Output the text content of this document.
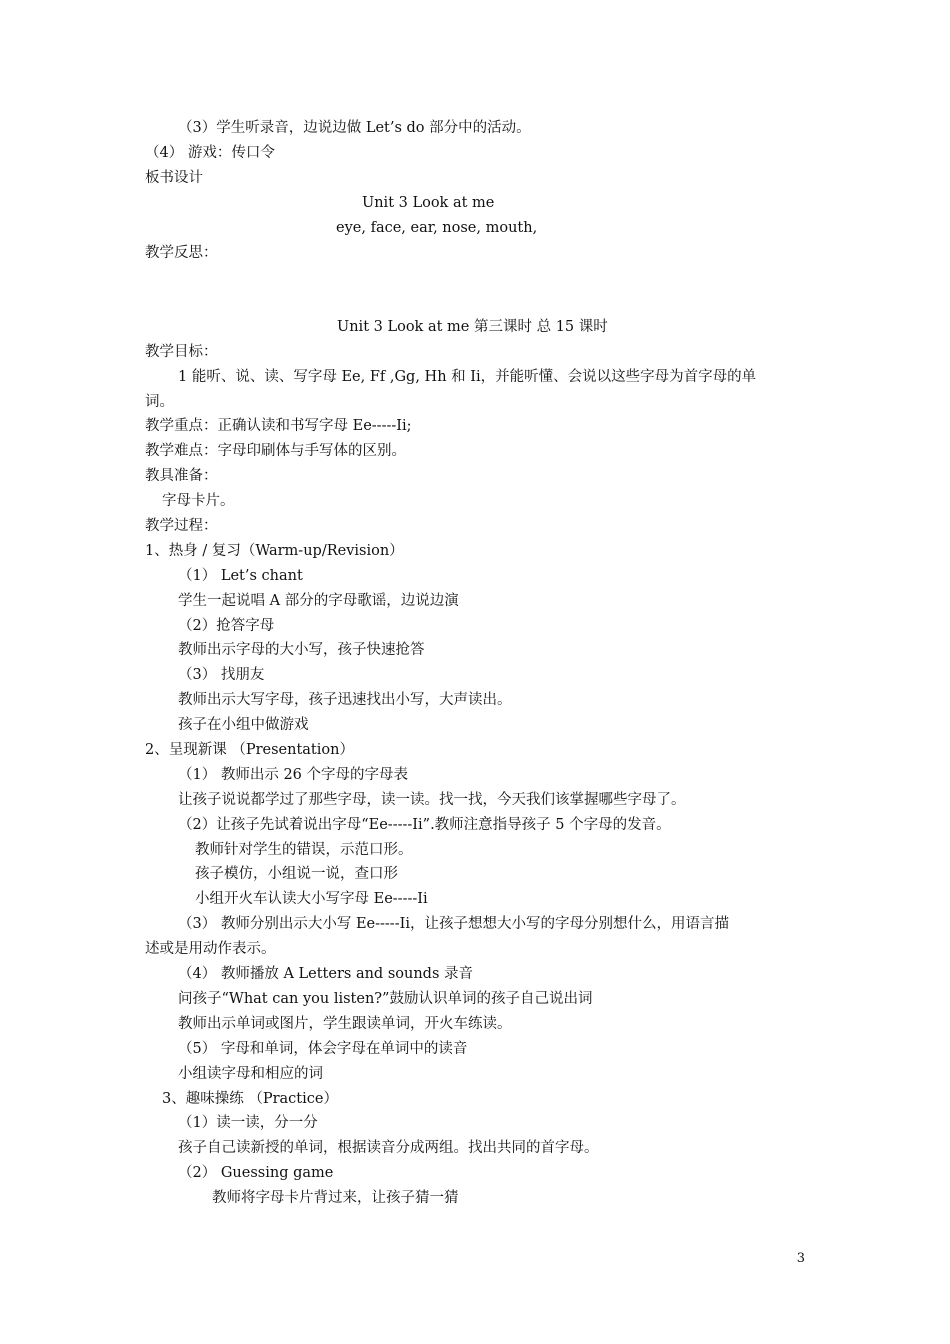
（3）学生听录音，边说边做 Let’s do 部分中的活动。
（4） 游戏：传口令
板书设计
Unit 3 Look at me
eye, face, ear, nose, mouth,
教学反思：
Unit 3 Look at me 第三课时 总 15 课时
教学目标：
1 能听、说、读、写字母 Ee, Ff ,Gg, Hh 和 Ii，并能听懂、会说以这些字母为首字母的单
词。
教学重点：正确认读和书写字母 Ee-----Ii;
教学难点：字母印刷体与手写体的区别。
教具准备：
字母卡片。
教学过程：
1、热身 / 复习（Warm-up/Revision）
（1） Let’s chant
学生一起说唱 A 部分的字母歌谣，边说边演
（2）抢答字母
教师出示字母的大小写，孩子快速抢答
（3） 找朋友
教师出示大写字母，孩子迅速找出小写，大声读出。
孩子在小组中做游戏
2、呈现新课 （Presentation）
（1） 教师出示 26 个字母的字母表
让孩子说说都学过了那些字母，读一读。找一找，今天我们该掌握哪些字母了。
（2）让孩子先试着说出字母“Ee-----Ii”.教师注意指导孩子 5 个字母的发音。
教师针对学生的错误，示范口形。
孩子模仿，小组说一说，查口形
小组开火车认读大小写字母 Ee-----Ii
（3） 教师分别出示大小写 Ee-----Ii，让孩子想想大小写的字母分别想什么，用语言描
述或是用动作表示。
（4） 教师播放 A Letters and sounds 录音
问孩子“What can you listen?”鼓励认识单词的孩子自己说出词
教师出示单词或图片，学生跟读单词，开火车练读。
（5） 字母和单词，体会字母在单词中的读音
小组读字母和相应的词
3、趣味操练 （Practice）
（1）读一读，分一分
孩子自己读新授的单词，根据读音分成两组。找出共同的首字母。
（2） Guessing game
教师将字母卡片背过来，让孩子猜一猜
3
